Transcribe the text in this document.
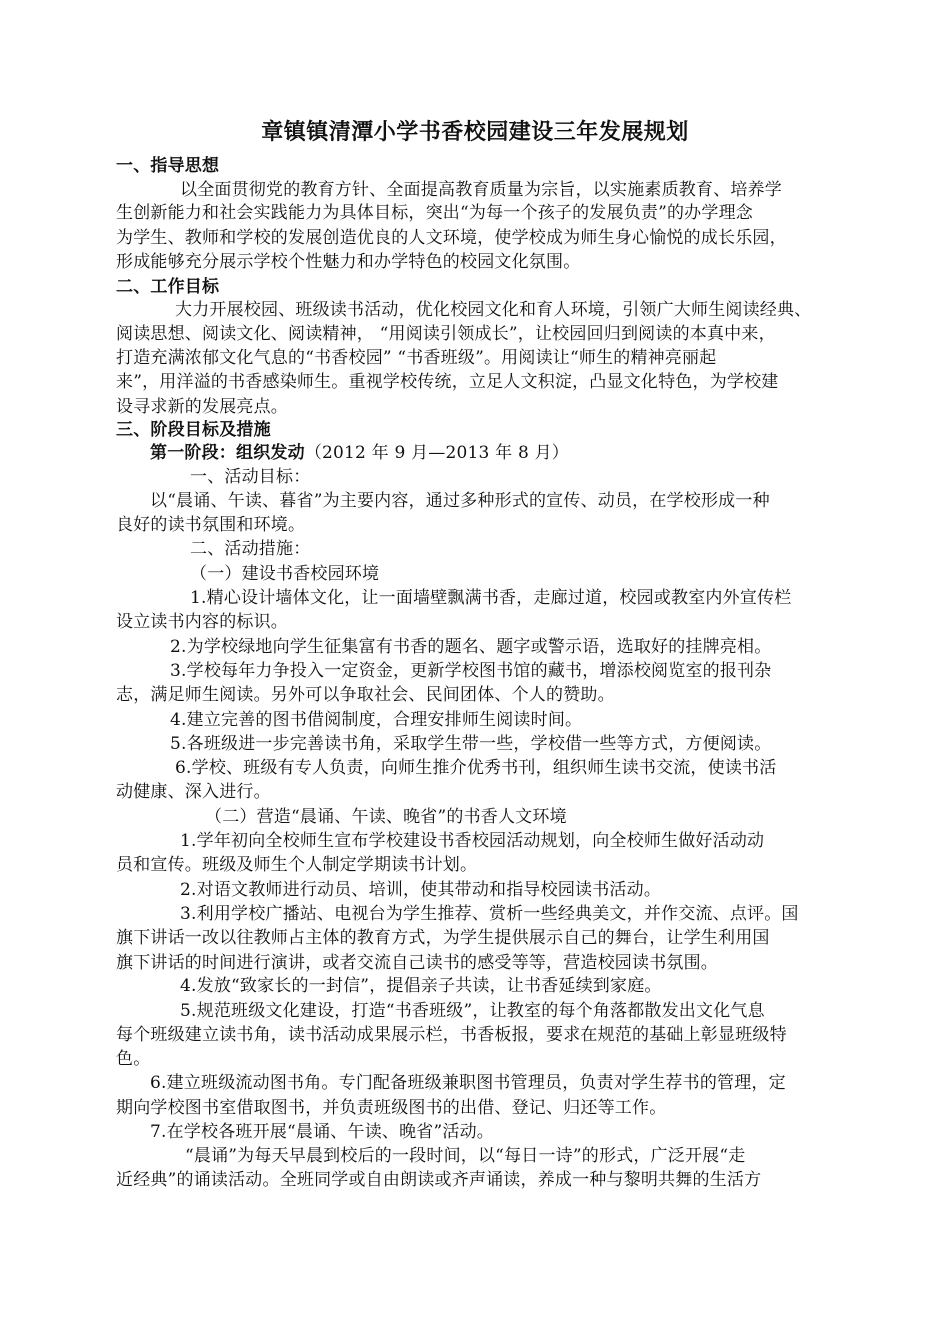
章镇镇清潭小学书香校园建设三年发展规划
一、指导思想
以全面贯彻党的教育方针、全面提高教育质量为宗旨，以实施素质教育、培养学
生创新能力和社会实践能力为具体目标，突出“为每一个孩子的发展负责”的办学理念
为学生、教师和学校的发展创造优良的人文环境，使学校成为师生身心愉悦的成长乐园，
形成能够充分展示学校个性魅力和办学特色的校园文化氛围。
二、工作目标
大力开展校园、班级读书活动，优化校园文化和育人环境，引领广大师生阅读经典、
阅读思想、阅读文化、阅读精神， “用阅读引领成长”，让校园回归到阅读的本真中来，
打造充满浓郁文化气息的“书香校园” “书香班级”。用阅读让“师生的精神亮丽起
来”，用洋溢的书香感染师生。重视学校传统，立足人文积淀，凸显文化特色，为学校建
设寻求新的发展亮点。
三、阶段目标及措施
第一阶段：组织发动（2012 年 9 月—2013 年 8 月）
一、活动目标：
以“晨诵、午读、暮省”为主要内容，通过多种形式的宣传、动员，在学校形成一种
良好的读书氛围和环境。
二、活动措施：
（一）建设书香校园环境
1.精心设计墙体文化，让一面墙壁飘满书香，走廊过道，校园或教室内外宣传栏
设立读书内容的标识。
2.为学校绿地向学生征集富有书香的题名、题字或警示语，选取好的挂牌亮相。
3.学校每年力争投入一定资金，更新学校图书馆的藏书，增添校阅览室的报刊杂
志，满足师生阅读。另外可以争取社会、民间团体、个人的赞助。
4.建立完善的图书借阅制度，合理安排师生阅读时间。
5.各班级进一步完善读书角，采取学生带一些，学校借一些等方式，方便阅读。
6.学校、班级有专人负责，向师生推介优秀书刊，组织师生读书交流，使读书活
动健康、深入进行。
（二）营造“晨诵、午读、晚省”的书香人文环境
1.学年初向全校师生宣布学校建设书香校园活动规划，向全校师生做好活动动
员和宣传。班级及师生个人制定学期读书计划。
2.对语文教师进行动员、培训，使其带动和指导校园读书活动。
3.利用学校广播站、电视台为学生推荐、赏析一些经典美文，并作交流、点评。国
旗下讲话一改以往教师占主体的教育方式，为学生提供展示自己的舞台，让学生利用国
旗下讲话的时间进行演讲，或者交流自己读书的感受等等，营造校园读书氛围。
4.发放“致家长的一封信”，提倡亲子共读，让书香延续到家庭。
5.规范班级文化建设，打造“书香班级”，让教室的每个角落都散发出文化气息
每个班级建立读书角，读书活动成果展示栏，书香板报，要求在规范的基础上彰显班级特
色。
6.建立班级流动图书角。专门配备班级兼职图书管理员，负责对学生荐书的管理，定
期向学校图书室借取图书，并负责班级图书的出借、登记、归还等工作。
7.在学校各班开展“晨诵、午读、晚省”活动。
“晨诵”为每天早晨到校后的一段时间，以“每日一诗”的形式，广泛开展“走
近经典”的诵读活动。全班同学或自由朗读或齐声诵读，养成一种与黎明共舞的生活方
